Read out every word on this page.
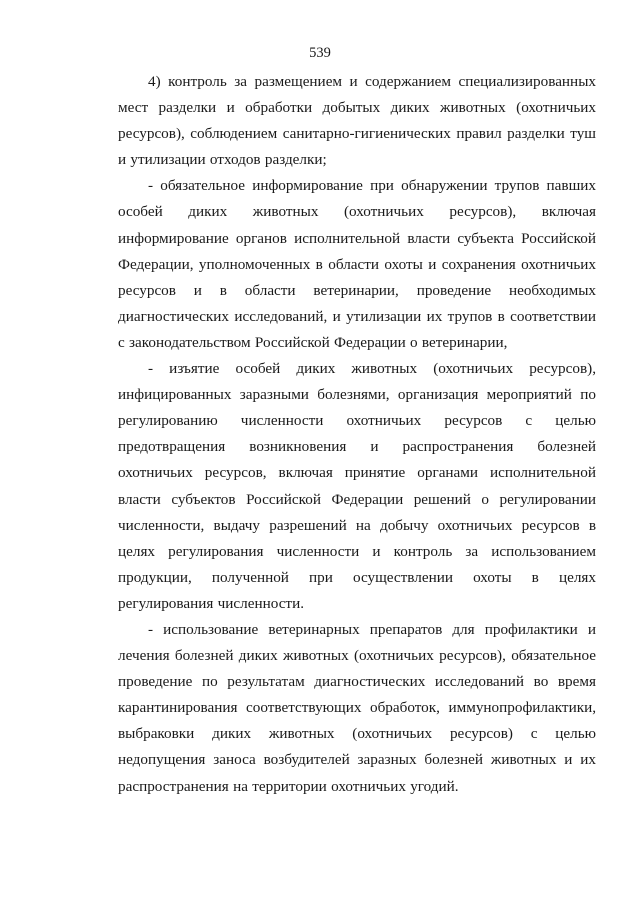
539

4) контроль за размещением и содержанием специализированных мест разделки и обработки добытых диких животных (охотничьих ресурсов), соблюдением санитарно-гигиенических правил разделки туш и утилизации отходов разделки;

- обязательное информирование при обнаружении трупов павших особей диких животных (охотничьих ресурсов), включая информирование органов исполнительной власти субъекта Российской Федерации, уполномоченных в области охоты и сохранения охотничьих ресурсов и в области ветеринарии, проведение необходимых диагностических исследований, и утилизации их трупов в соответствии с законодательством Российской Федерации о ветеринарии,

- изъятие особей диких животных (охотничьих ресурсов), инфицированных заразными болезнями, организация мероприятий по регулированию численности охотничьих ресурсов с целью предотвращения возникновения и распространения болезней охотничьих ресурсов, включая принятие органами исполнительной власти субъектов Российской Федерации решений о регулировании численности, выдачу разрешений на добычу охотничьих ресурсов в целях регулирования численности и контроль за использованием продукции, полученной при осуществлении охоты в целях регулирования численности.

- использование ветеринарных препаратов для профилактики и лечения болезней диких животных (охотничьих ресурсов), обязательное проведение по результатам диагностических исследований во время карантинирования соответствующих обработок, иммунопрофилактики, выбраковки диких животных (охотничьих ресурсов) с целью недопущения заноса возбудителей заразных болезней животных и их распространения на территории охотничьих угодий.
